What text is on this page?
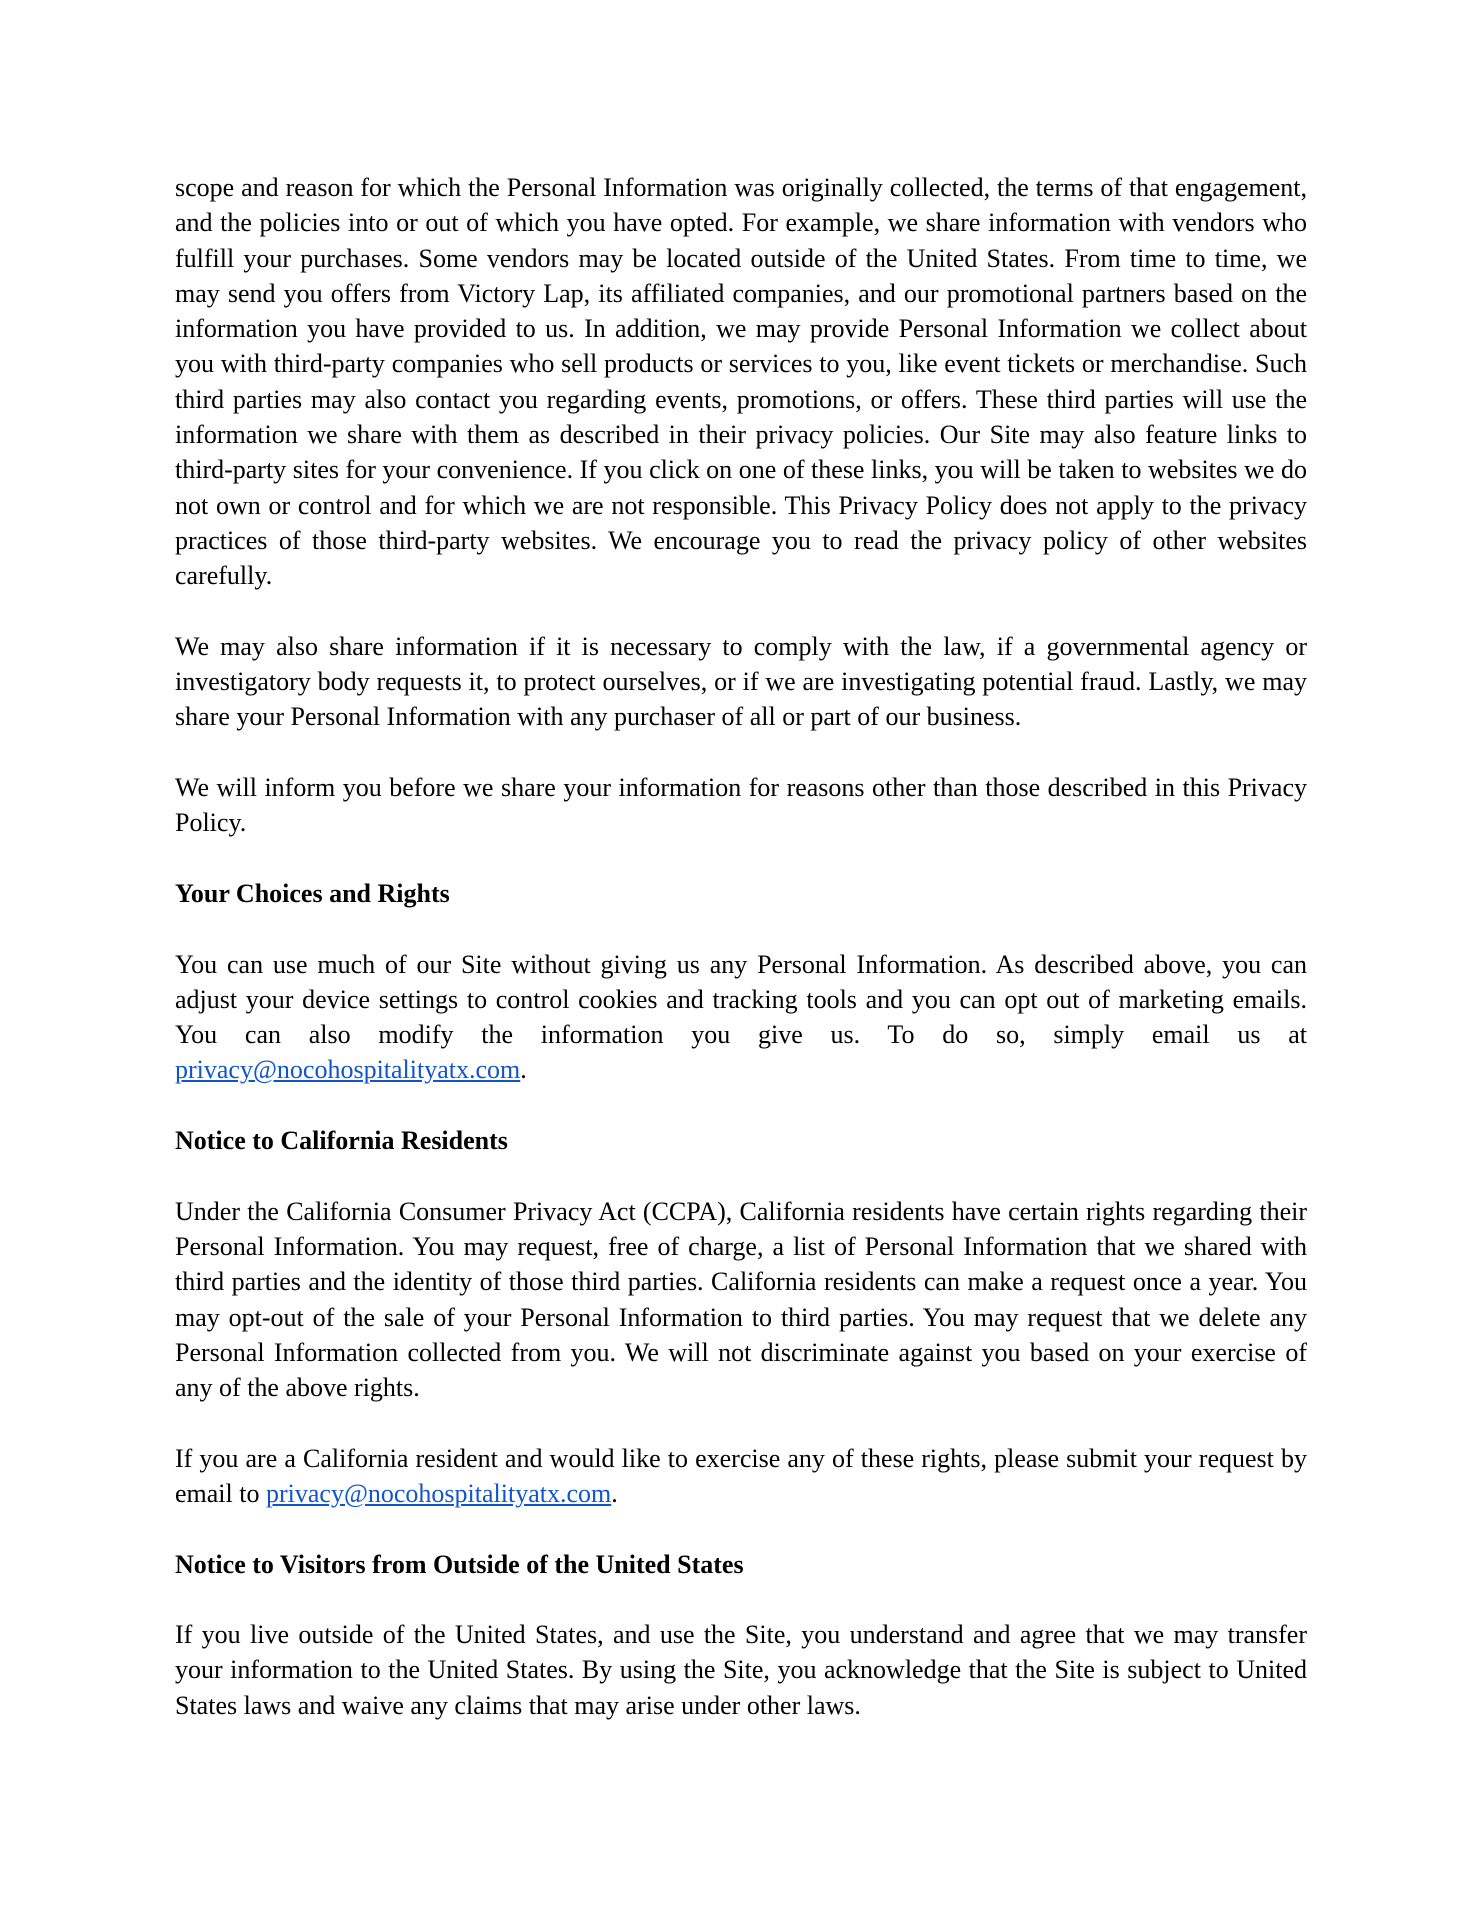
scope and reason for which the Personal Information was originally collected, the terms of that engagement, and the policies into or out of which you have opted. For example, we share information with vendors who fulfill your purchases. Some vendors may be located outside of the United States. From time to time, we may send you offers from Victory Lap, its affiliated companies, and our promotional partners based on the information you have provided to us. In addition, we may provide Personal Information we collect about you with third-party companies who sell products or services to you, like event tickets or merchandise. Such third parties may also contact you regarding events, promotions, or offers. These third parties will use the information we share with them as described in their privacy policies. Our Site may also feature links to third-party sites for your convenience. If you click on one of these links, you will be taken to websites we do not own or control and for which we are not responsible. This Privacy Policy does not apply to the privacy practices of those third-party websites. We encourage you to read the privacy policy of other websites carefully.

We may also share information if it is necessary to comply with the law, if a governmental agency or investigatory body requests it, to protect ourselves, or if we are investigating potential fraud. Lastly, we may share your Personal Information with any purchaser of all or part of our business.

We will inform you before we share your information for reasons other than those described in this Privacy Policy.

Your Choices and Rights

You can use much of our Site without giving us any Personal Information. As described above, you can adjust your device settings to control cookies and tracking tools and you can opt out of marketing emails. You can also modify the information you give us. To do so, simply email us at privacy@nocohospitalityatx.com.

Notice to California Residents

Under the California Consumer Privacy Act (CCPA), California residents have certain rights regarding their Personal Information. You may request, free of charge, a list of Personal Information that we shared with third parties and the identity of those third parties. California residents can make a request once a year. You may opt-out of the sale of your Personal Information to third parties. You may request that we delete any Personal Information collected from you. We will not discriminate against you based on your exercise of any of the above rights.

If you are a California resident and would like to exercise any of these rights, please submit your request by email to privacy@nocohospitalityatx.com.

Notice to Visitors from Outside of the United States

If you live outside of the United States, and use the Site, you understand and agree that we may transfer your information to the United States. By using the Site, you acknowledge that the Site is subject to United States laws and waive any claims that may arise under other laws.
